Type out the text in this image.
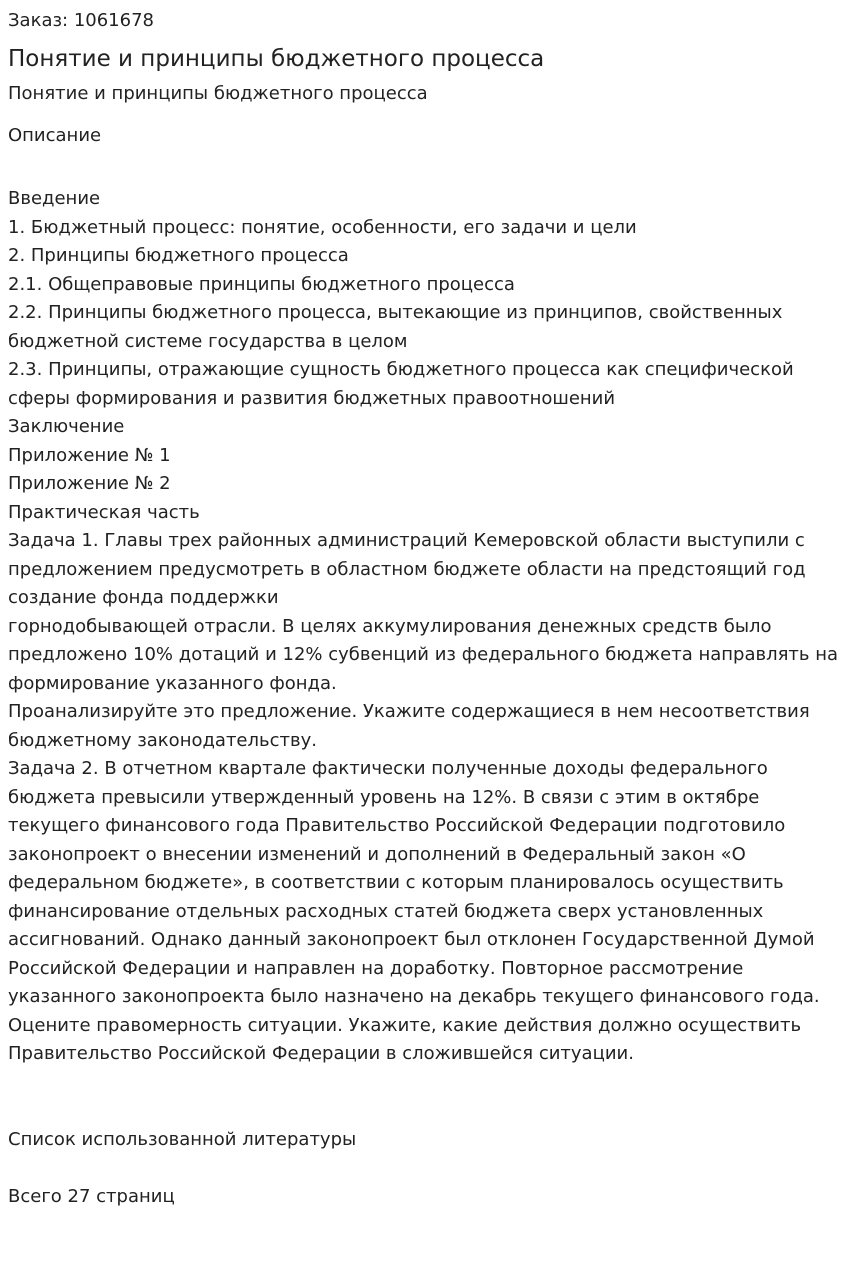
Заказ: 1061678

Понятие и принципы бюджетного процесса

Понятие и принципы бюджетного процесса

Описание

Введение
1. Бюджетный процесс: понятие, особенности, его задачи и цели
2. Принципы бюджетного процесса
2.1. Общеправовые принципы бюджетного процесса
2.2. Принципы бюджетного процесса, вытекающие из принципов, свойственных бюджетной системе государства в целом
2.3. Принципы, отражающие сущность бюджетного процесса как специфической сферы формирования и развития бюджетных правоотношений
Заключение
Приложение № 1
Приложение № 2
Практическая часть
Задача 1. Главы трех районных администраций Кемеровской области выступили с предложением предусмотреть в областном бюджете области на предстоящий год создание фонда поддержки
горнодобывающей отрасли. В целях аккумулирования денежных средств было предложено 10% дотаций и 12% субвенций из федерального бюджета направлять на формирование указанного фонда.
Проанализируйте это предложение. Укажите содержащиеся в нем несоответствия бюджетному законодательству.
Задача 2. В отчетном квартале фактически полученные доходы федерального бюджета превысили утвержденный уровень на 12%. В связи с этим в октябре текущего финансового года Правительство Российской Федерации подготовило законопроект о внесении изменений и дополнений в Федеральный закон «О федеральном бюджете», в соответствии с которым планировалось осуществить финансирование отдельных расходных статей бюджета сверх установленных ассигнований. Однако данный законопроект был отклонен Государственной Думой Российской Федерации и направлен на доработку. Повторное рассмотрение указанного законопроекта было назначено на декабрь текущего финансового года.
Оцените правомерность ситуации. Укажите, какие действия должно осуществить Правительство Российской Федерации в сложившейся ситуации.
Список использованной литературы
Всего 27 страниц
